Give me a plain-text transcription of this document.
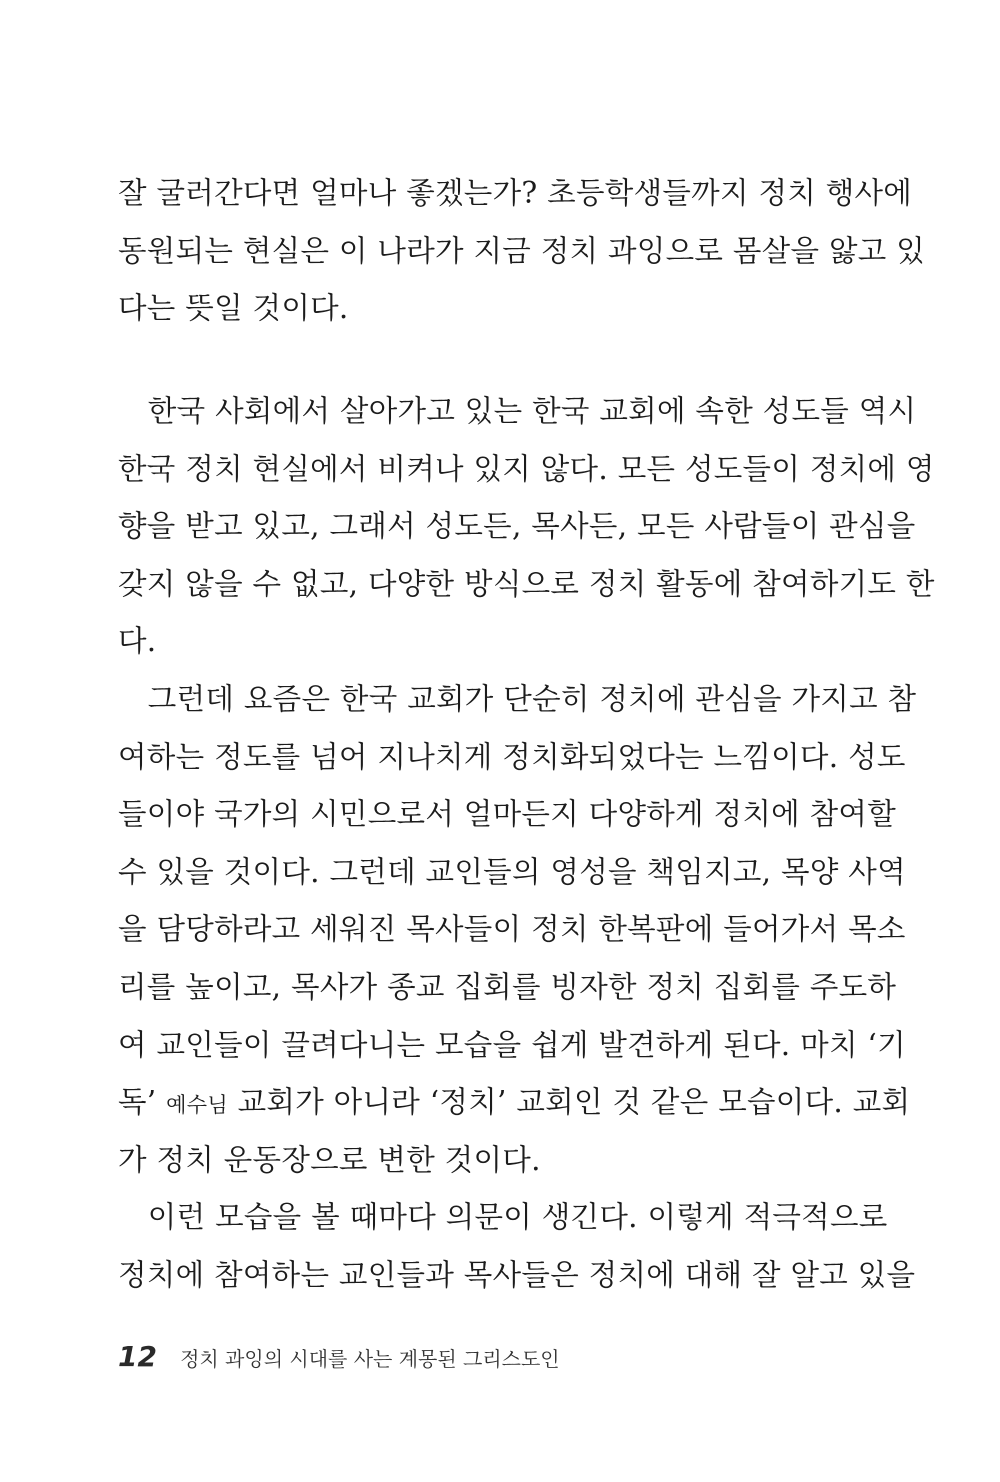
잘 굴러간다면 얼마나 좋겠는가? 초등학생들까지 정치 행사에
동원되는 현실은 이 나라가 지금 정치 과잉으로 몸살을 앓고 있
다는 뜻일 것이다.
　한국 사회에서 살아가고 있는 한국 교회에 속한 성도들 역시
한국 정치 현실에서 비켜나 있지 않다. 모든 성도들이 정치에 영
향을 받고 있고, 그래서 성도든, 목사든, 모든 사람들이 관심을
갖지 않을 수 없고, 다양한 방식으로 정치 활동에 참여하기도 한
다.
　그런데 요즘은 한국 교회가 단순히 정치에 관심을 가지고 참
여하는 정도를 넘어 지나치게 정치화되었다는 느낌이다. 성도
들이야 국가의 시민으로서 얼마든지 다양하게 정치에 참여할
수 있을 것이다. 그런데 교인들의 영성을 책임지고, 목양 사역
을 담당하라고 세워진 목사들이 정치 한복판에 들어가서 목소
리를 높이고, 목사가 종교 집회를 빙자한 정치 집회를 주도하
여 교인들이 끌려다니는 모습을 쉽게 발견하게 된다. 마치 ‘기
독’ 예수님 교회가 아니라 ‘정치’ 교회인 것 같은 모습이다. 교회
가 정치 운동장으로 변한 것이다.
　이런 모습을 볼 때마다 의문이 생긴다. 이렇게 적극적으로
정치에 참여하는 교인들과 목사들은 정치에 대해 잘 알고 있을
12 정치 과잉의 시대를 사는 계몽된 그리스도인
